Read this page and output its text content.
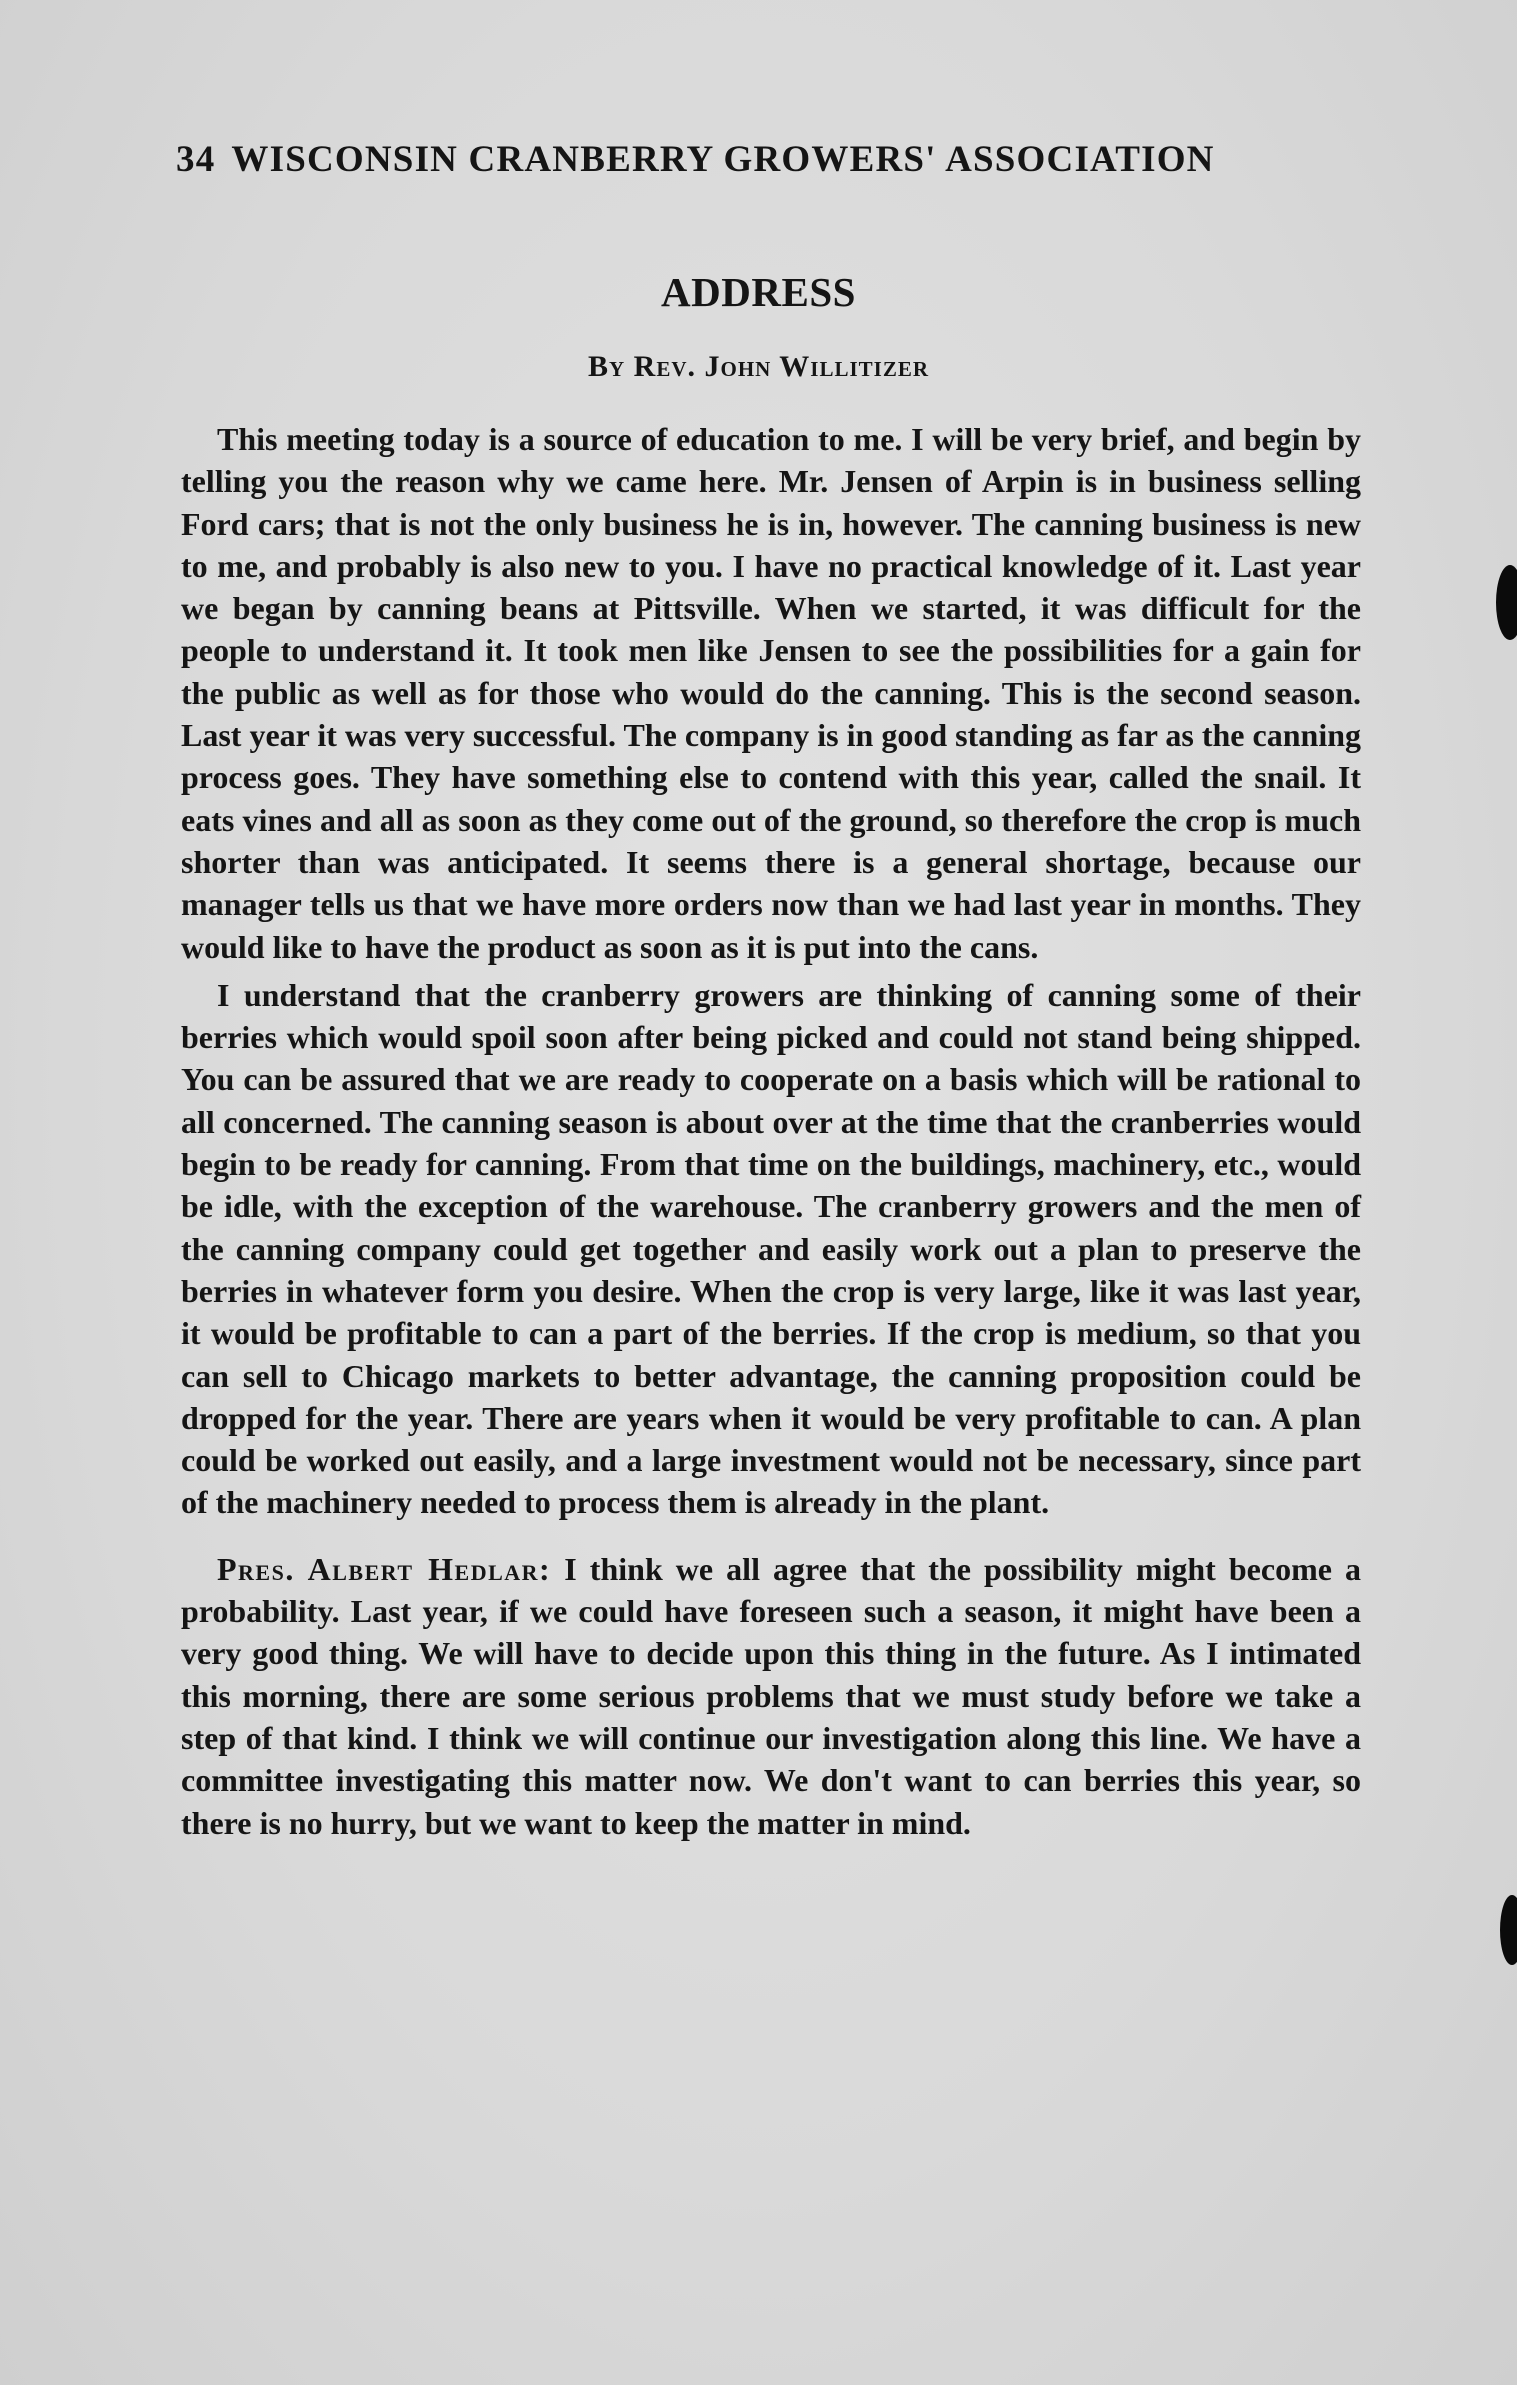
34 WISCONSIN CRANBERRY GROWERS' ASSOCIATION
ADDRESS
By Rev. John Willitizer

This meeting today is a source of education to me. I will be very brief, and begin by telling you the reason why we came here. Mr. Jensen of Arpin is in business selling Ford cars; that is not the only business he is in, however. The canning business is new to me, and probably is also new to you. I have no practical knowledge of it. Last year we began by canning beans at Pittsville. When we started, it was difficult for the people to understand it. It took men like Jensen to see the possibilities for a gain for the public as well as for those who would do the canning. This is the second season. Last year it was very successful. The company is in good standing as far as the canning process goes. They have something else to contend with this year, called the snail. It eats vines and all as soon as they come out of the ground, so therefore the crop is much shorter than was anticipated. It seems there is a general shortage, because our manager tells us that we have more orders now than we had last year in months. They would like to have the product as soon as it is put into the cans.

I understand that the cranberry growers are thinking of canning some of their berries which would spoil soon after being picked and could not stand being shipped. You can be assured that we are ready to cooperate on a basis which will be rational to all concerned. The canning season is about over at the time that the cranberries would begin to be ready for canning. From that time on the buildings, machinery, etc., would be idle, with the exception of the warehouse. The cranberry growers and the men of the canning company could get together and easily work out a plan to preserve the berries in whatever form you desire. When the crop is very large, like it was last year, it would be profitable to can a part of the berries. If the crop is medium, so that you can sell to Chicago markets to better advantage, the canning proposition could be dropped for the year. There are years when it would be very profitable to can. A plan could be worked out easily, and a large investment would not be necessary, since part of the machinery needed to process them is already in the plant.

Pres. Albert Hedlar: I think we all agree that the possibility might become a probability. Last year, if we could have foreseen such a season, it might have been a very good thing. We will have to decide upon this thing in the future. As I intimated this morning, there are some serious problems that we must study before we take a step of that kind. I think we will continue our investigation along this line. We have a committee investigating this matter now. We don't want to can berries this year, so there is no hurry, but we want to keep the matter in mind.
